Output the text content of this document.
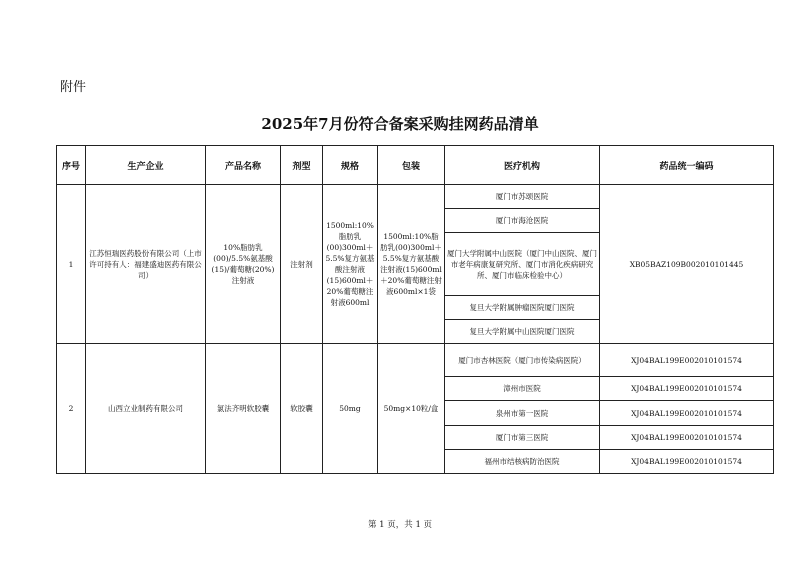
附件
2025年7月份符合备案采购挂网药品清单
序号	生产企业	产品名称	剂型	规格	包装	医疗机构	药品统一编码
1	江苏恒瑞医药股份有限公司（上市许可持有人：福建盛迪医药有限公司）	10%脂肪乳(00)/5.5%氨基酸(15)/葡萄糖(20%)注射液	注射剂	1500ml:10%脂肪乳(00)300ml＋5.5%复方氨基酸注射液(15)600ml＋20%葡萄糖注射液600ml	1500ml:10%脂肪乳(00)300ml＋5.5%复方氨基酸注射液(15)600ml＋20%葡萄糖注射液600ml×1袋	厦门市苏颂医院	XB05BAZ109B002010101445
						厦门市海沧医院	
						厦门大学附属中山医院（厦门中山医院、厦门市老年病康复研究所、厦门市消化疾病研究所、厦门市临床检验中心）	
						复旦大学附属肿瘤医院厦门医院	
						复旦大学附属中山医院厦门医院	
2	山西立业制药有限公司	氯法齐明软胶囊	软胶囊	50mg	50mg×10粒/盒	厦门市杏林医院（厦门市传染病医院）	XJ04BAL199E002010101574
						漳州市医院	XJ04BAL199E002010101574
						泉州市第一医院	XJ04BAL199E002010101574
						厦门市第三医院	XJ04BAL199E002010101574
						福州市结核病防治医院	XJ04BAL199E002010101574
第 1 页，共 1 页
